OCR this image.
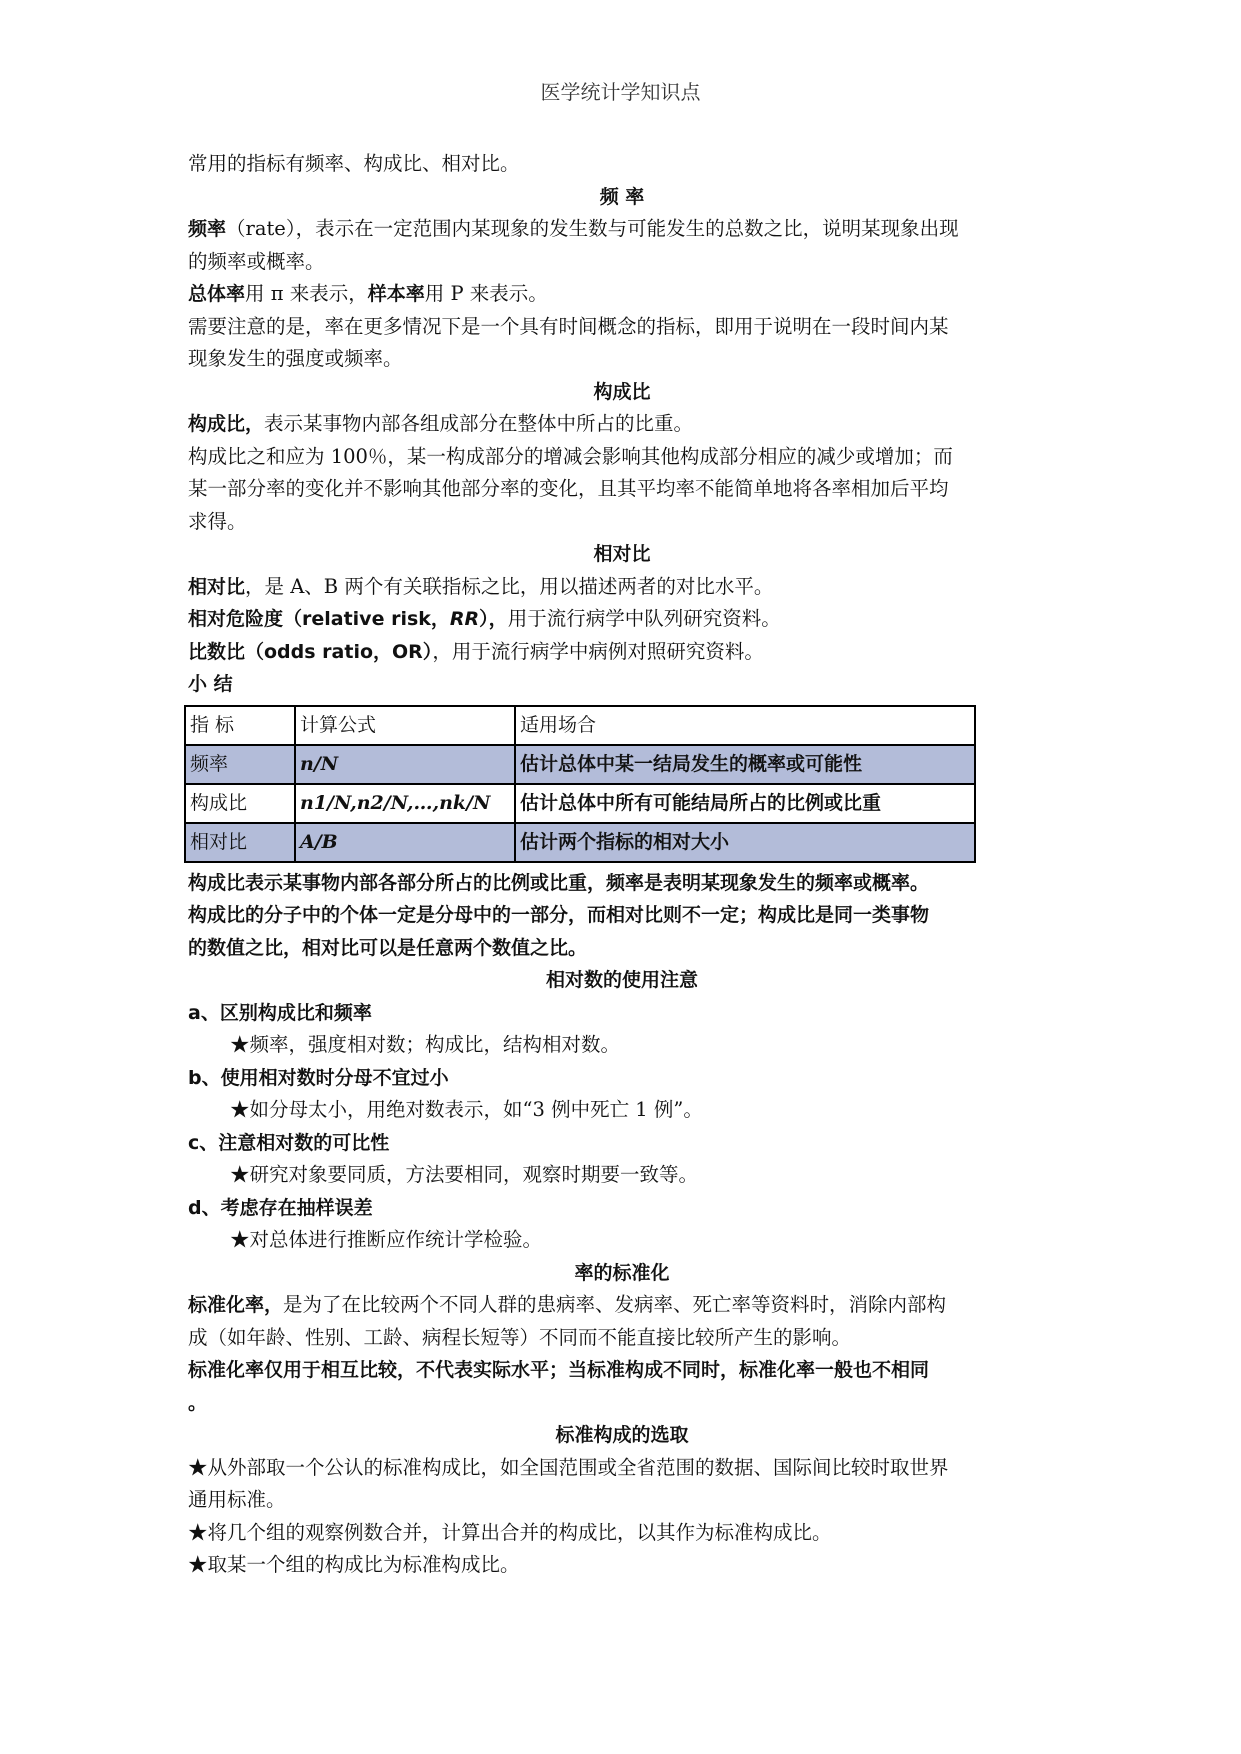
医学统计学知识点

常用的指标有频率、构成比、相对比。

频 率

频率（rate），表示在一定范围内某现象的发生数与可能发生的总数之比，说明某现象出现

的频率或概率。

总体率用 π 来表示，样本率用 P 来表示。

需要注意的是，率在更多情况下是一个具有时间概念的指标，即用于说明在一段时间内某

现象发生的强度或频率。

构成比

构成比，表示某事物内部各组成部分在整体中所占的比重。

构成比之和应为 100％，某一构成部分的增减会影响其他构成部分相应的减少或增加；而

某一部分率的变化并不影响其他部分率的变化，且其平均率不能简单地将各率相加后平均

求得。

相对比

相对比，是 A、B 两个有关联指标之比，用以描述两者的对比水平。

相对危险度（relative risk，RR），用于流行病学中队列研究资料。

比数比（odds ratio，OR），用于流行病学中病例对照研究资料。

小 结

指 标	计算公式	适用场合
频率	n/N	估计总体中某一结局发生的概率或可能性
构成比	n1/N,n2/N,…,nk/N	估计总体中所有可能结局所占的比例或比重
相对比	A/B	估计两个指标的相对大小

构成比表示某事物内部各部分所占的比例或比重，频率是表明某现象发生的频率或概率。

构成比的分子中的个体一定是分母中的一部分，而相对比则不一定；构成比是同一类事物

的数值之比，相对比可以是任意两个数值之比。

相对数的使用注意

a、区别构成比和频率

★频率，强度相对数；构成比，结构相对数。

b、使用相对数时分母不宜过小

★如分母太小，用绝对数表示，如“3 例中死亡 1 例”。

c、注意相对数的可比性

★研究对象要同质，方法要相同，观察时期要一致等。

d、考虑存在抽样误差

★对总体进行推断应作统计学检验。

率的标准化

标准化率，是为了在比较两个不同人群的患病率、发病率、死亡率等资料时，消除内部构

成（如年龄、性别、工龄、病程长短等）不同而不能直接比较所产生的影响。

标准化率仅用于相互比较，不代表实际水平；当标准构成不同时，标准化率一般也不相同

。

标准构成的选取

★从外部取一个公认的标准构成比，如全国范围或全省范围的数据、国际间比较时取世界

通用标准。

★将几个组的观察例数合并，计算出合并的构成比，以其作为标准构成比。

★取某一个组的构成比为标准构成比。
